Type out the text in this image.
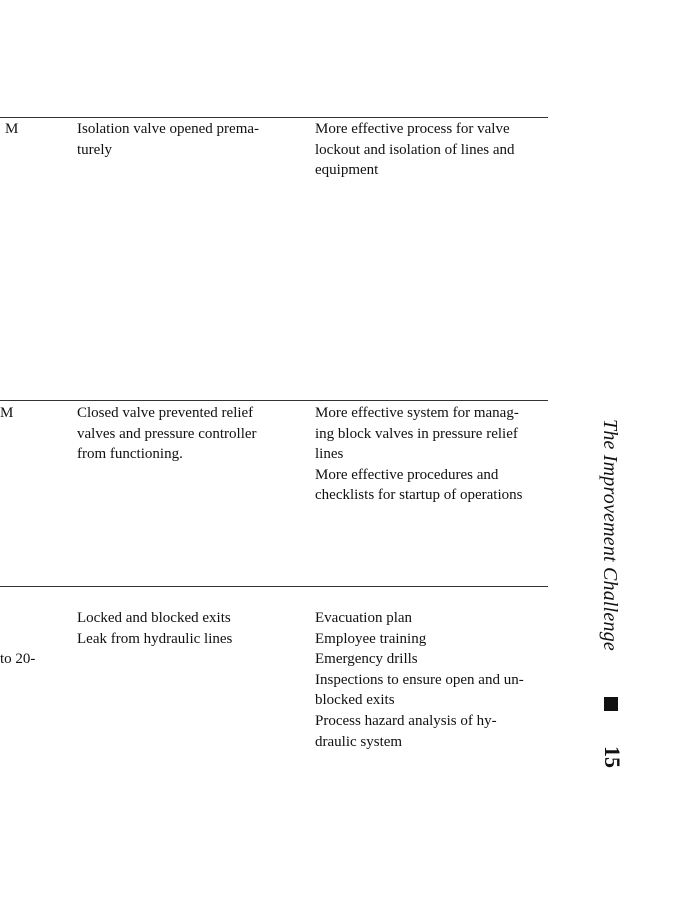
M	Isolation valve opened prema-
turely
More effective process for valve
lockout and isolation of lines and
equipment
M	Closed valve prevented relief
valves and pressure controller
from functioning.
More effective system for manag-
ing block valves in pressure relief
lines
More effective procedures and
checklists for startup of operations

to 20-
Locked and blocked exits
Leak from hydraulic lines
Evacuation plan
Employee training
Emergency drills
Inspections to ensure open and un-
blocked exits
Process hazard analysis of hy-
draulic system
The Improvement Challenge
15
